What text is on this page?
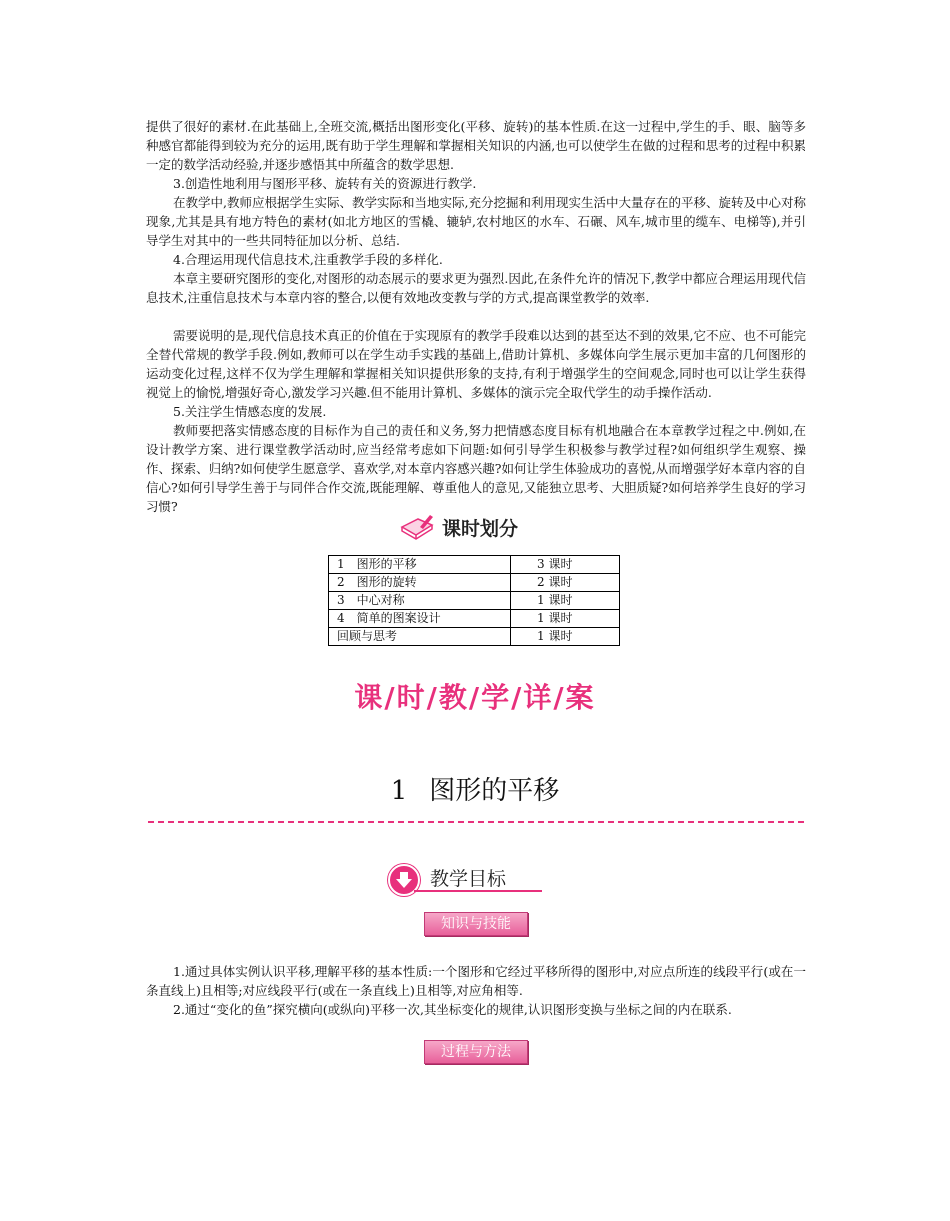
提供了很好的素材.在此基础上,全班交流,概括出图形变化(平移、旋转)的基本性质.在这一过程中,学生的手、眼、脑等多种感官都能得到较为充分的运用,既有助于学生理解和掌握相关知识的内涵,也可以使学生在做的过程和思考的过程中积累一定的数学活动经验,并逐步感悟其中所蕴含的数学思想.

3.创造性地利用与图形平移、旋转有关的资源进行教学.

在教学中,教师应根据学生实际、教学实际和当地实际,充分挖掘和利用现实生活中大量存在的平移、旋转及中心对称现象,尤其是具有地方特色的素材(如北方地区的雪橇、辘轳,农村地区的水车、石碾、风车,城市里的缆车、电梯等),并引导学生对其中的一些共同特征加以分析、总结.

4.合理运用现代信息技术,注重教学手段的多样化.

本章主要研究图形的变化,对图形的动态展示的要求更为强烈.因此,在条件允许的情况下,教学中都应合理运用现代信息技术,注重信息技术与本章内容的整合,以便有效地改变教与学的方式,提高课堂教学的效率.

需要说明的是,现代信息技术真正的价值在于实现原有的教学手段难以达到的甚至达不到的效果,它不应、也不可能完全替代常规的教学手段.例如,教师可以在学生动手实践的基础上,借助计算机、多媒体向学生展示更加丰富的几何图形的运动变化过程,这样不仅为学生理解和掌握相关知识提供形象的支持,有利于增强学生的空间观念,同时也可以让学生获得视觉上的愉悦,增强好奇心,激发学习兴趣.但不能用计算机、多媒体的演示完全取代学生的动手操作活动.

5.关注学生情感态度的发展.

教师要把落实情感态度的目标作为自己的责任和义务,努力把情感态度目标有机地融合在本章教学过程之中.例如,在设计教学方案、进行课堂教学活动时,应当经常考虑如下问题:如何引导学生积极参与教学过程?如何组织学生观察、操作、探索、归纳?如何使学生愿意学、喜欢学,对本章内容感兴趣?如何让学生体验成功的喜悦,从而增强学好本章内容的自信心?如何引导学生善于与同伴合作交流,既能理解、尊重他人的意见,又能独立思考、大胆质疑?如何培养学生良好的学习习惯?

课时划分
1　图形的平移	3 课时
2　图形的旋转	2 课时
3　中心对称	1 课时
4　简单的图案设计	1 课时
回顾与思考	1 课时
课/时/教/学/详/案
1 图形的平移
教学目标
知识与技能

1.通过具体实例认识平移,理解平移的基本性质:一个图形和它经过平移所得的图形中,对应点所连的线段平行(或在一条直线上)且相等;对应线段平行(或在一条直线上)且相等,对应角相等.

2.通过“变化的鱼”探究横向(或纵向)平移一次,其坐标变化的规律,认识图形变换与坐标之间的内在联系.

过程与方法
